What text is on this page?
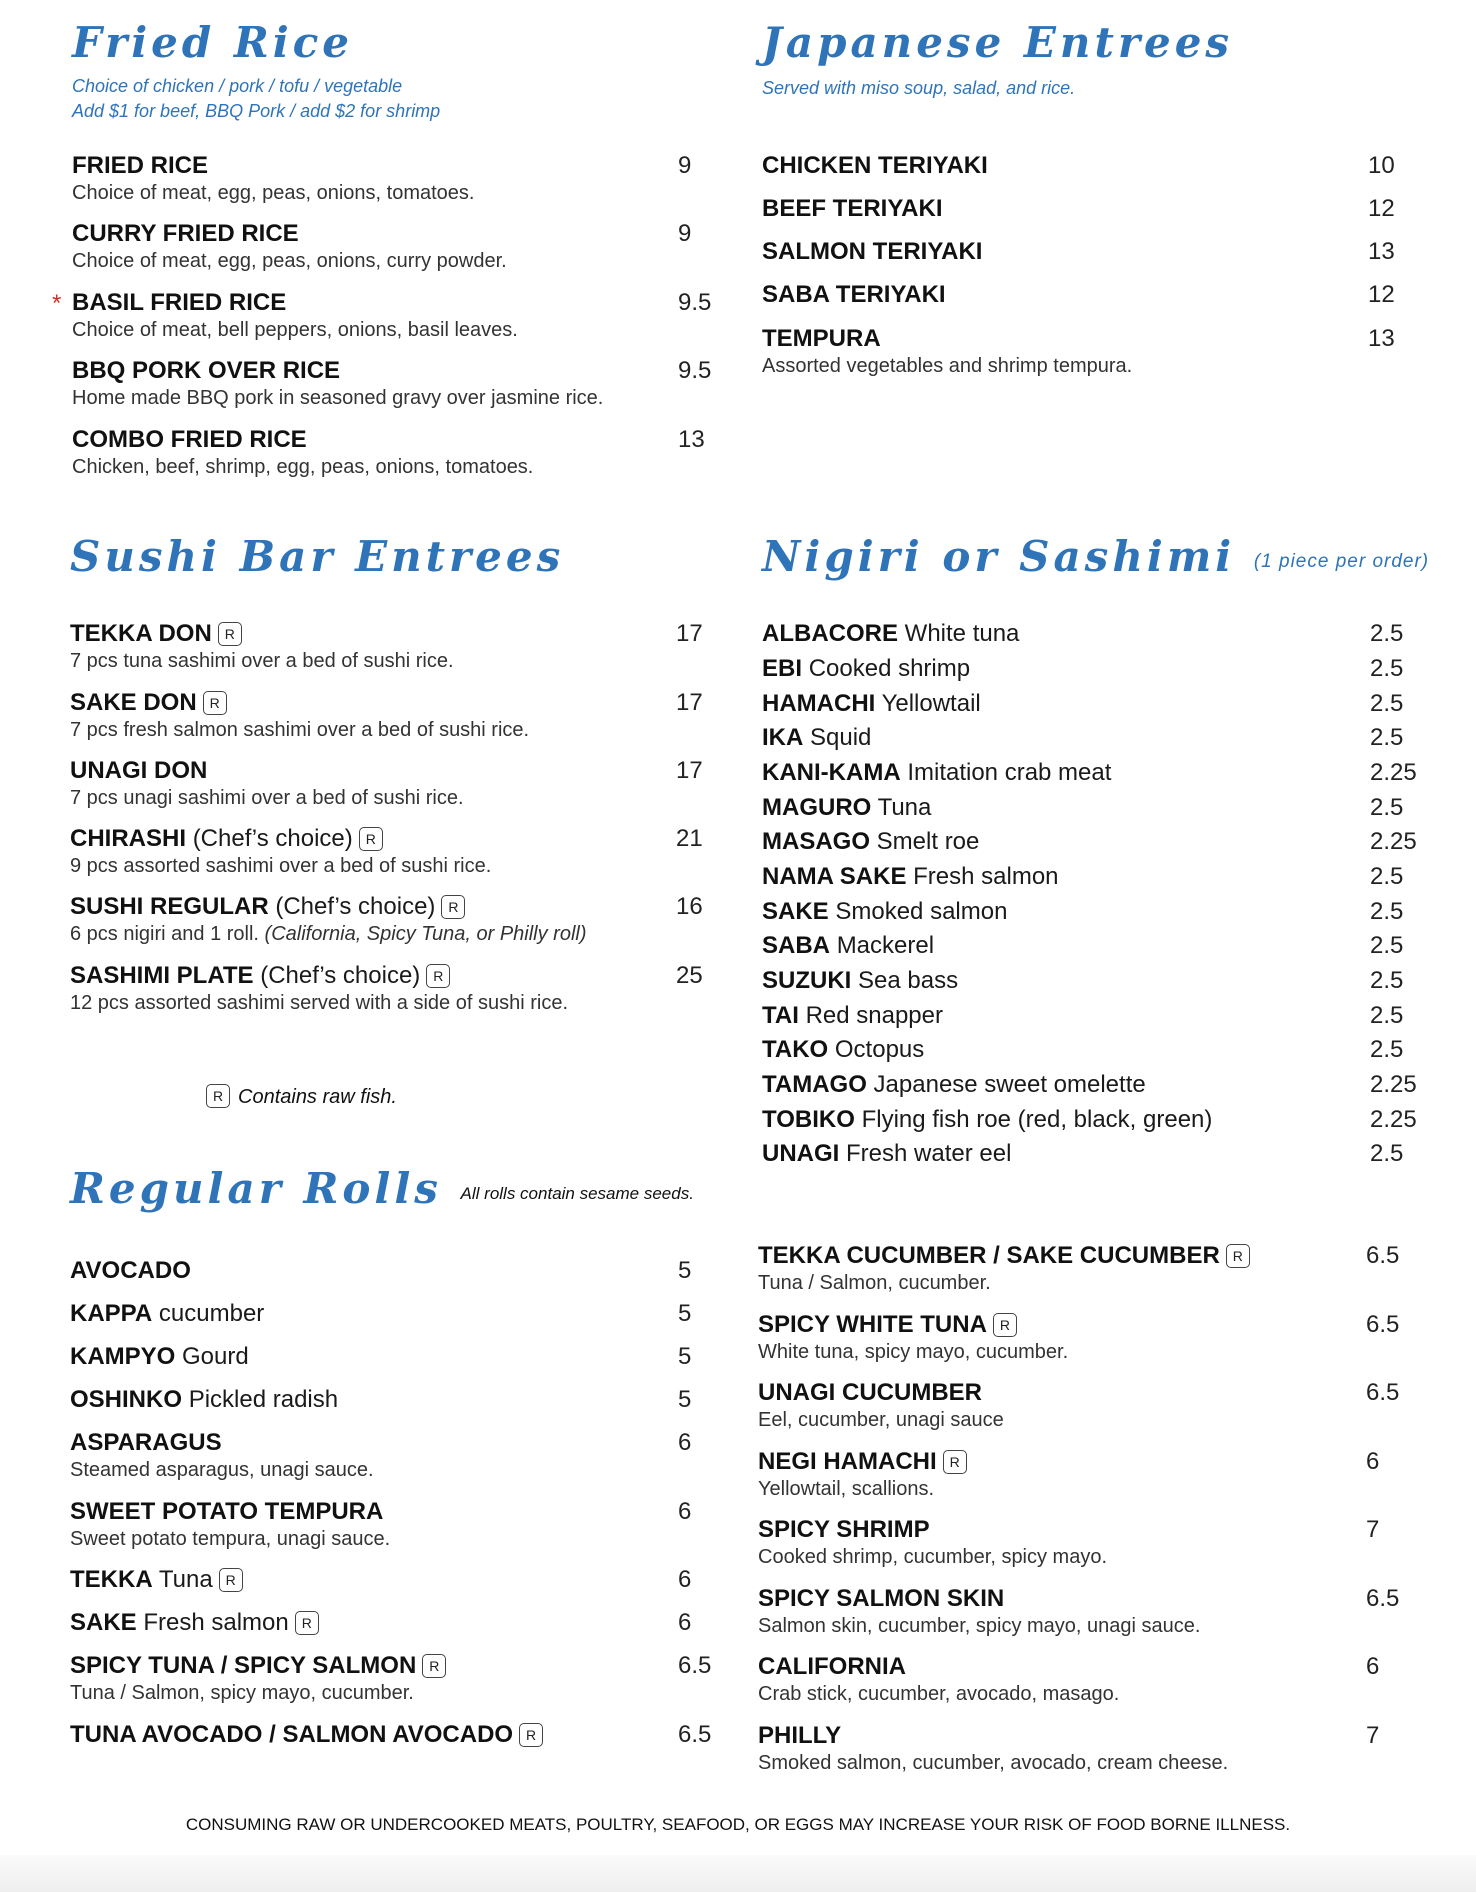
Fried Rice
Choice of chicken / pork / tofu / vegetable
Add $1 for beef, BBQ Pork / add $2 for shrimp
FRIED RICE
Choice of meat, egg, peas, onions, tomatoes.
9
CURRY FRIED RICE
Choice of meat, egg, peas, onions, curry powder.
9
* BASIL FRIED RICE
Choice of meat, bell peppers, onions, basil leaves.
9.5
BBQ PORK OVER RICE
Home made BBQ pork in seasoned gravy over jasmine rice.
9.5
COMBO FRIED RICE
Chicken, beef, shrimp, egg, peas, onions, tomatoes.
13
Japanese Entrees
Served with miso soup, salad, and rice.
CHICKEN TERIYAKI	10
BEEF TERIYAKI	12
SALMON TERIYAKI	13
SABA TERIYAKI	12
TEMPURA
Assorted vegetables and shrimp tempura.
13
Sushi Bar Entrees
TEKKA DON R
7 pcs tuna sashimi over a bed of sushi rice.
17
SAKE DON R
7 pcs fresh salmon sashimi over a bed of sushi rice.
17
UNAGI DON
7 pcs unagi sashimi over a bed of sushi rice.
17
CHIRASHI (Chef’s choice) R
9 pcs assorted sashimi over a bed of sushi rice.
21
SUSHI REGULAR (Chef’s choice) R
6 pcs nigiri and 1 roll. (California, Spicy Tuna, or Philly roll)
16
SASHIMI PLATE (Chef’s choice) R
12 pcs assorted sashimi served with a side of sushi rice.
25
R Contains raw fish.
Nigiri or Sashimi (1 piece per order)
ALBACORE White tuna	2.5
EBI Cooked shrimp	2.5
HAMACHI Yellowtail	2.5
IKA Squid	2.5
KANI-KAMA Imitation crab meat	2.25
MAGURO Tuna	2.5
MASAGO Smelt roe	2.25
NAMA SAKE Fresh salmon	2.5
SAKE Smoked salmon	2.5
SABA Mackerel	2.5
SUZUKI Sea bass	2.5
TAI Red snapper	2.5
TAKO Octopus	2.5
TAMAGO Japanese sweet omelette	2.25
TOBIKO Flying fish roe (red, black, green)	2.25
UNAGI Fresh water eel	2.5
Regular Rolls All rolls contain sesame seeds.
AVOCADO	5
KAPPA cucumber	5
KAMPYO Gourd	5
OSHINKO Pickled radish	5
ASPARAGUS
Steamed asparagus, unagi sauce.
6
SWEET POTATO TEMPURA
Sweet potato tempura, unagi sauce.
6
TEKKA Tuna R	6
SAKE Fresh salmon R	6
SPICY TUNA / SPICY SALMON R
Tuna / Salmon, spicy mayo, cucumber.
6.5
TUNA AVOCADO / SALMON AVOCADO R	6.5
TEKKA CUCUMBER / SAKE CUCUMBER R
Tuna / Salmon, cucumber.
6.5
SPICY WHITE TUNA R
White tuna, spicy mayo, cucumber.
6.5
UNAGI CUCUMBER
Eel, cucumber, unagi sauce
6.5
NEGI HAMACHI R
Yellowtail, scallions.
6
SPICY SHRIMP
Cooked shrimp, cucumber, spicy mayo.
7
SPICY SALMON SKIN
Salmon skin, cucumber, spicy mayo, unagi sauce.
6.5
CALIFORNIA
Crab stick, cucumber, avocado, masago.
6
PHILLY
Smoked salmon, cucumber, avocado, cream cheese.
7
CONSUMING RAW OR UNDERCOOKED MEATS, POULTRY, SEAFOOD, OR EGGS MAY INCREASE YOUR RISK OF FOOD BORNE ILLNESS.
